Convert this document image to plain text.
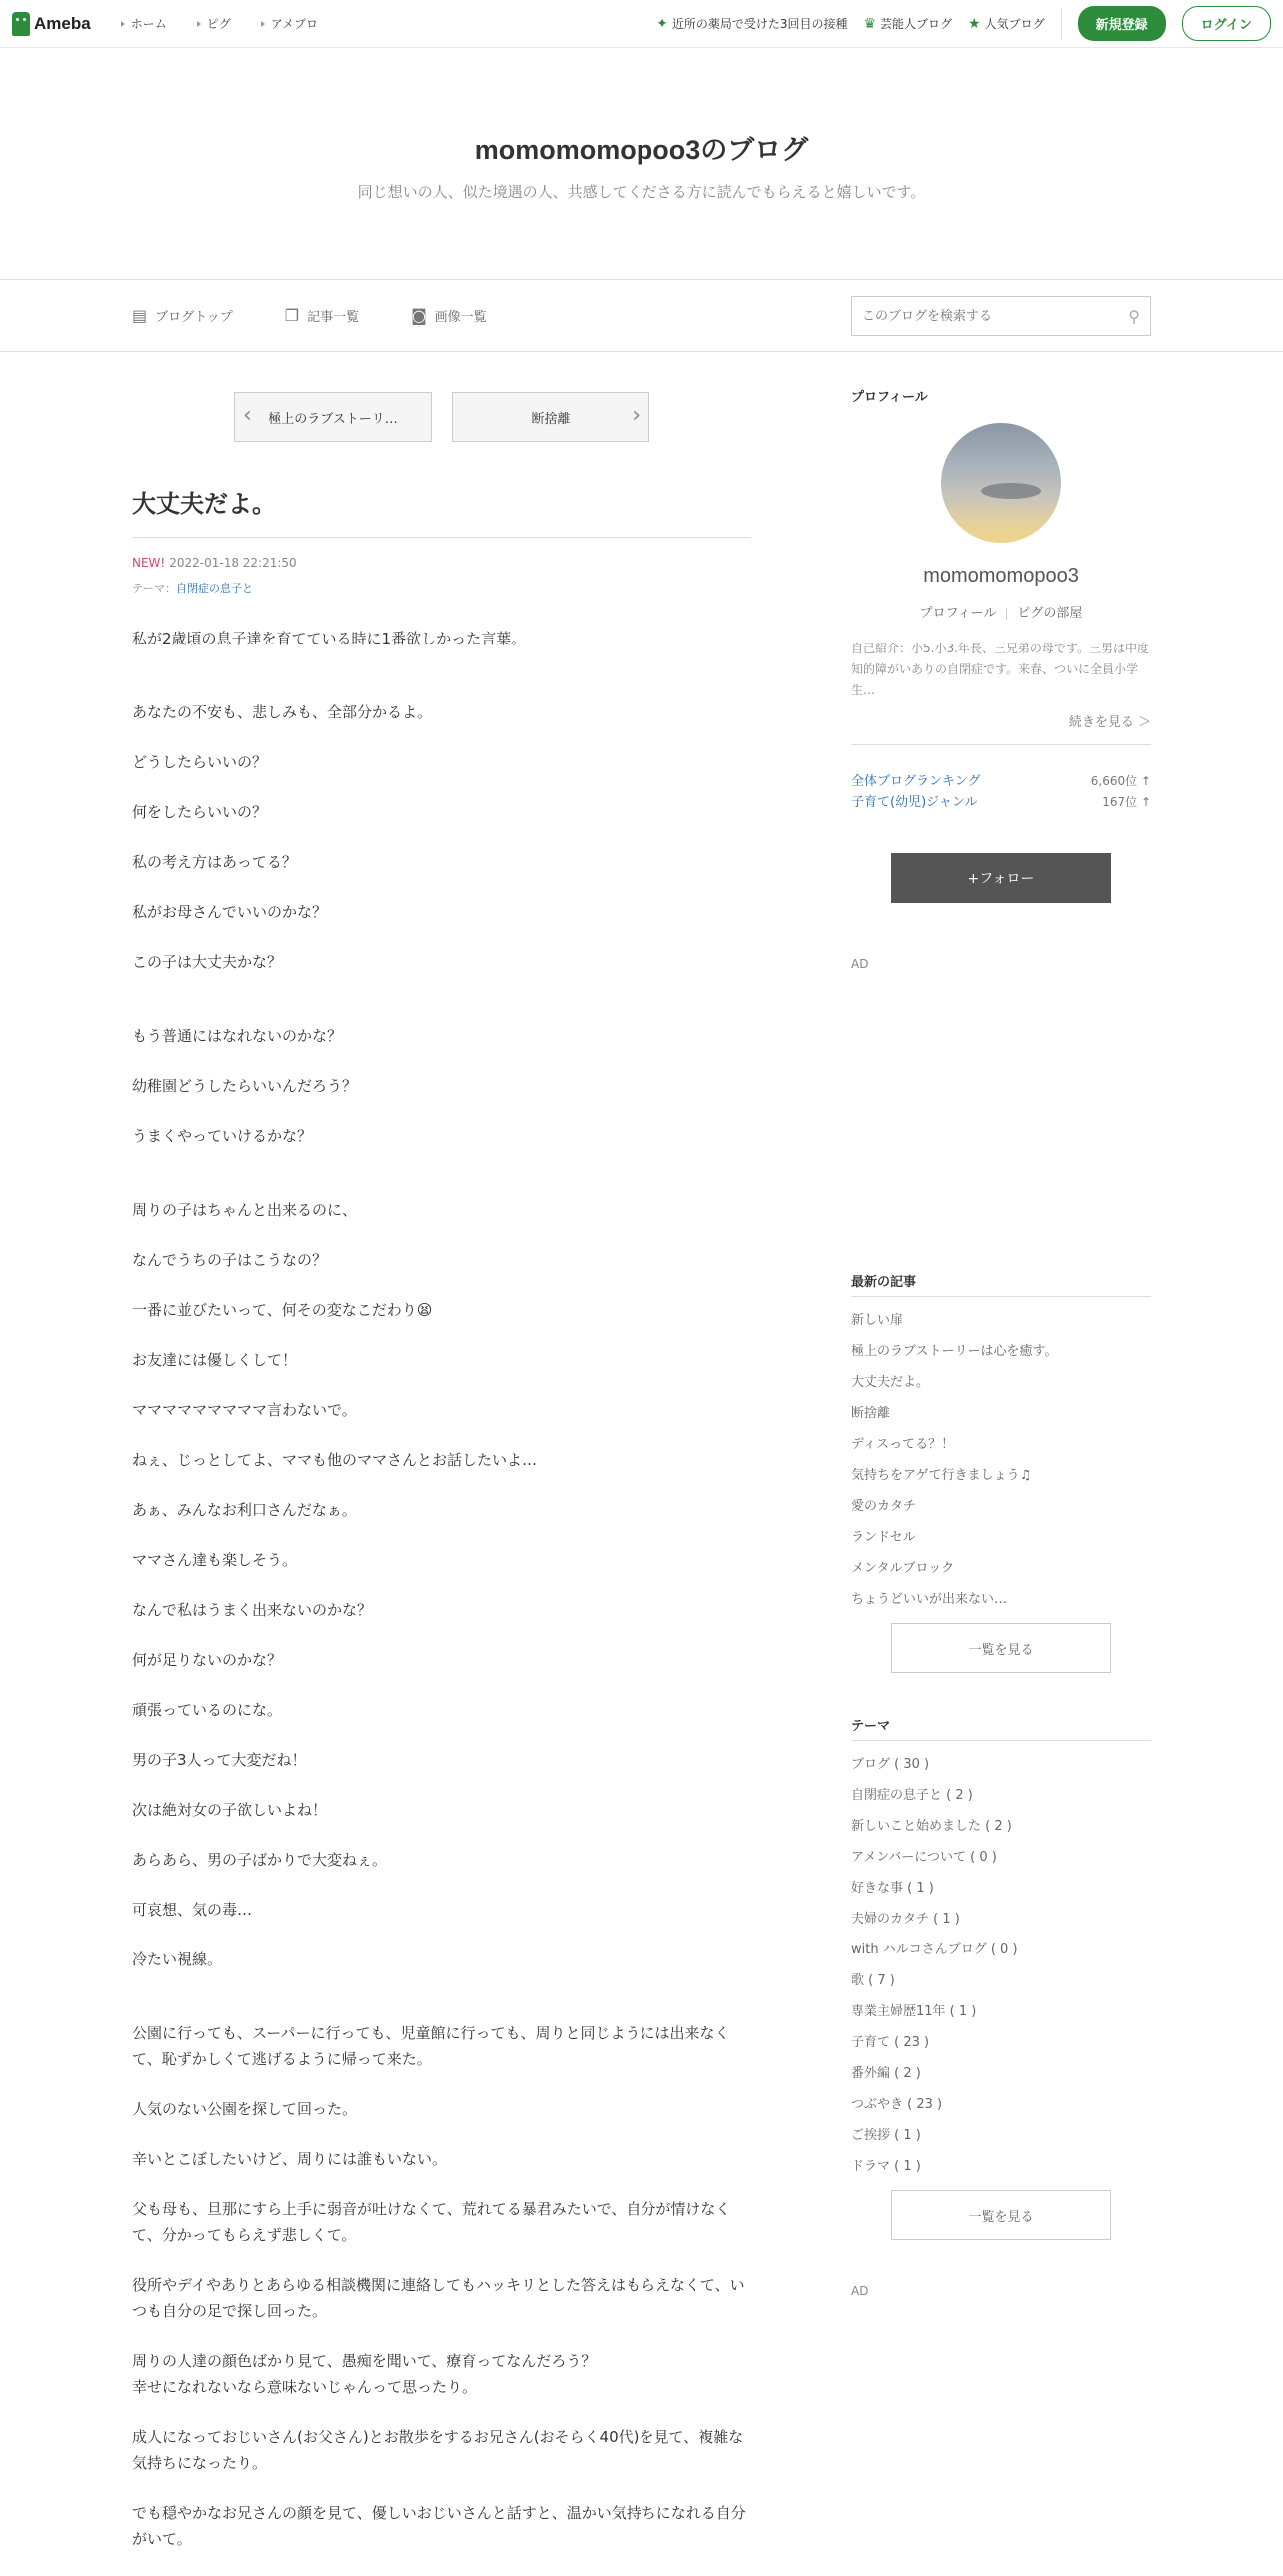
Ameba	ホーム	ピグ	アメブロ	✦ 近所の薬局で受けた3回目の接種 ♛ 芸能人ブログ ★ 人気ブログ	新規登録	ログイン
momomomopoo3のブログ
同じ想いの人、似た境遇の人、共感してくださる方に読んでもらえると嬉しいです。
▤ ブログトップ	❐ 記事一覧	◙ 画像一覧
このブログを検索する	⚲
‹ 極上のラブストーリ…	断捨離	›
大丈夫だよ。
NEW! 2022-01-18 22:21:50
テーマ：自閉症の息子と

私が2歳頃の息子達を育てている時に1番欲しかった言葉。

あなたの不安も、悲しみも、全部分かるよ。

どうしたらいいの？

何をしたらいいの？

私の考え方はあってる？

私がお母さんでいいのかな？

この子は大丈夫かな？

もう普通にはなれないのかな？

幼稚園どうしたらいいんだろう？

うまくやっていけるかな？

周りの子はちゃんと出来るのに、

なんでうちの子はこうなの？

一番に並びたいって、何その変なこだわり😫

お友達には優しくして！

マママママママママ言わないで。

ねぇ、じっとしてよ、ママも他のママさんとお話したいよ…

あぁ、みんなお利口さんだなぁ。

ママさん達も楽しそう。

なんで私はうまく出来ないのかな？

何が足りないのかな？

頑張っているのにな。

男の子3人って大変だね！

次は絶対女の子欲しいよね！

あらあら、男の子ばかりで大変ねぇ。

可哀想、気の毒…

冷たい視線。

公園に行っても、スーパーに行っても、児童館に行っても、周りと同じようには出来なくて、恥ずかしくて逃げるように帰って来た。

人気のない公園を探して回った。

辛いとこぼしたいけど、周りには誰もいない。

父も母も、旦那にすら上手に弱音が吐けなくて、荒れてる暴君みたいで、自分が情けなくて、分かってもらえず悲しくて。

役所やデイやありとあらゆる相談機関に連絡してもハッキリとした答えはもらえなくて、いつも自分の足で探し回った。

周りの人達の顔色ばかり見て、愚痴を聞いて、療育ってなんだろう？
幸せになれないなら意味ないじゃんって思ったり。

成人になっておじいさん(お父さん)とお散歩をするお兄さん(おそらく40代)を見て、複雑な気持ちになったり。

でも穏やかなお兄さんの顔を見て、優しいおじいさんと話すと、温かい気持ちになれる自分がいて。

プロフィール
momomomopoo3
プロフィール ピグの部屋
自己紹介：小5.小3.年長、三兄弟の母です。三男は中度知的障がいありの自閉症です。来春、ついに全員小学生…
続きを見る ＞
全体ブログランキング	6,660位 ↑
子育て(幼児)ジャンル	167位 ↑
+フォロー
AD
最新の記事
新しい扉
極上のラブストーリーは心を癒す。
大丈夫だよ。
断捨離
ディスってる？！
気持ちをアゲて行きましょう♫
愛のカタチ
ランドセル
メンタルブロック
ちょうどいいが出来ない…
一覧を見る
テーマ
ブログ ( 30 )
自閉症の息子と ( 2 )
新しいこと始めました ( 2 )
アメンバーについて ( 0 )
好きな事 ( 1 )
夫婦のカタチ ( 1 )
with ハルコさんブログ ( 0 )
歌 ( 7 )
専業主婦歴11年 ( 1 )
子育て ( 23 )
番外編 ( 2 )
つぶやき ( 23 )
ご挨拶 ( 1 )
ドラマ ( 1 )
一覧を見る
AD
